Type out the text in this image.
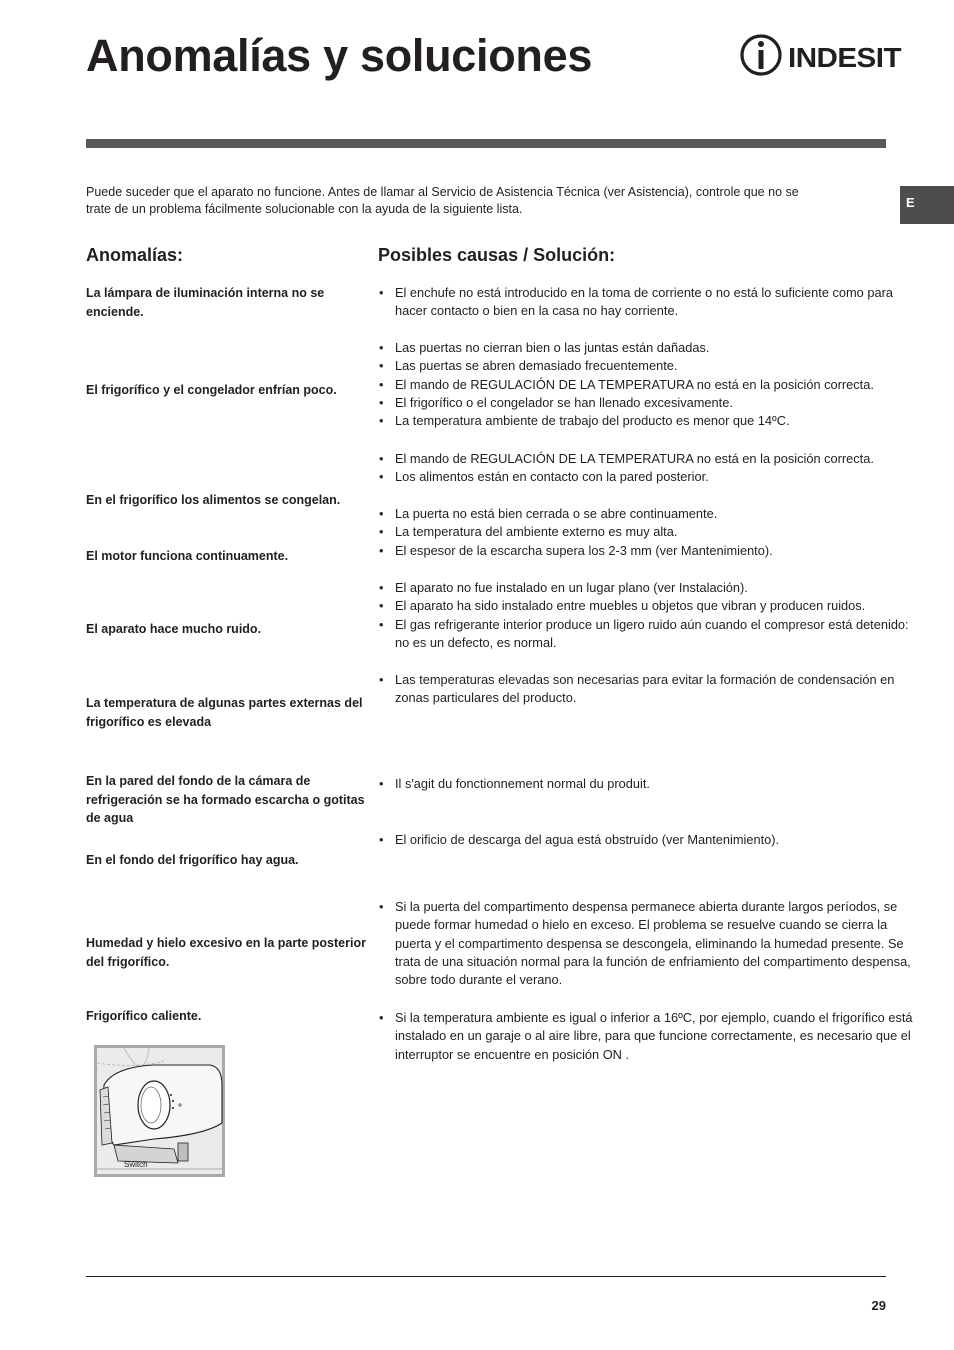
Anomalías y soluciones	INDESIT
E

Puede suceder que el aparato no funcione. Antes de llamar al Servicio de Asistencia Técnica (ver Asistencia), controle que no se trate de un problema fácilmente solucionable con la ayuda de la siguiente lista.

Anomalías:	Posibles causas / Solución:

La lámpara de iluminación interna no se enciende.

El frigorífico y el congelador enfrían poco.

En el frigorífico los alimentos se congelan.

El motor funciona continuamente.

El aparato hace mucho ruido.

La temperatura de algunas partes externas del frigorífico es elevada

En la pared del fondo de la cámara de refrigeración se ha formado escarcha o gotitas de agua

En el fondo del frigorífico hay agua.

Humedad y hielo excesivo en la parte posterior del frigorífico.

Frigorífico caliente.

• El enchufe no está introducido en la toma de corriente o no está lo suficiente como para hacer contacto o bien en la casa no hay corriente.
• Las puertas no cierran bien o las juntas están dañadas.
• Las puertas se abren demasiado frecuentemente.
• El mando de REGULACIÓN DE LA TEMPERATURA no está en la posición correcta.
• El frigorífico o el congelador se han llenado excesivamente.
• La temperatura ambiente de trabajo del producto es menor que 14ºC.
• El mando de REGULACIÓN DE LA TEMPERATURA no está en la posición correcta.
• Los alimentos están en contacto con la pared posterior.
• La puerta no está bien cerrada o se abre continuamente.
• La temperatura del ambiente externo es muy alta.
• El espesor de la escarcha supera los 2-3 mm (ver Mantenimiento).
• El aparato no fue instalado en un lugar plano (ver Instalación).
• El aparato ha sido instalado entre muebles u objetos que vibran y producen ruidos.
• El gas refrigerante interior produce un ligero ruido aún cuando el compresor está detenido: no es un defecto, es normal.
• Las temperaturas elevadas son necesarias para evitar la formación de condensación en zonas particulares del producto.
• Il s'agit du fonctionnement normal du produit.
• El orificio de descarga del agua está obstruído (ver Mantenimiento).
• Si la puerta del compartimento despensa permanece abierta durante largos períodos, se puede formar humedad o hielo en exceso. El problema se resuelve cuando se cierra la puerta y el compartimento despensa se descongela, eliminando la humedad presente. Se trata de una situación normal para la función de enfriamiento del compartimento despensa, sobre todo durante el verano.
• Si la temperatura ambiente es igual o inferior a 16ºC, por ejemplo, cuando el frigorífico está instalado en un garaje o al aire libre, para que funcione correctamente, es necesario que el interruptor se encuentre en posición ON .
Switch
29
